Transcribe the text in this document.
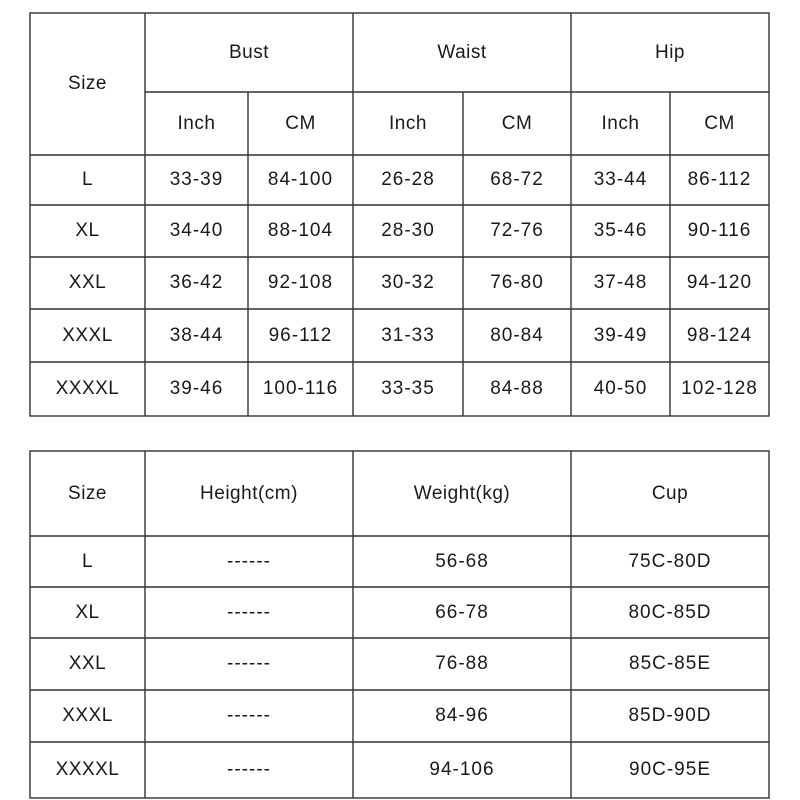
Size
Bust	Waist	Hip
Inch	CM	Inch	CM	Inch	CM
L	33-39	84-100	26-28	68-72	33-44	86-112
XL	34-40	88-104	28-30	72-76	35-46	90-116
XXL	36-42	92-108	30-32	76-80	37-48	94-120
XXXL	38-44	96-112	31-33	80-84	39-49	98-124
XXXXL	39-46	100-116	33-35	84-88	40-50	102-128
Size	Height(cm)	Weight(kg)	Cup
L	------	56-68	75C-80D
XL	------	66-78	80C-85D
XXL	------	76-88	85C-85E
XXXL	------	84-96	85D-90D
XXXXL	------	94-106	90C-95E
